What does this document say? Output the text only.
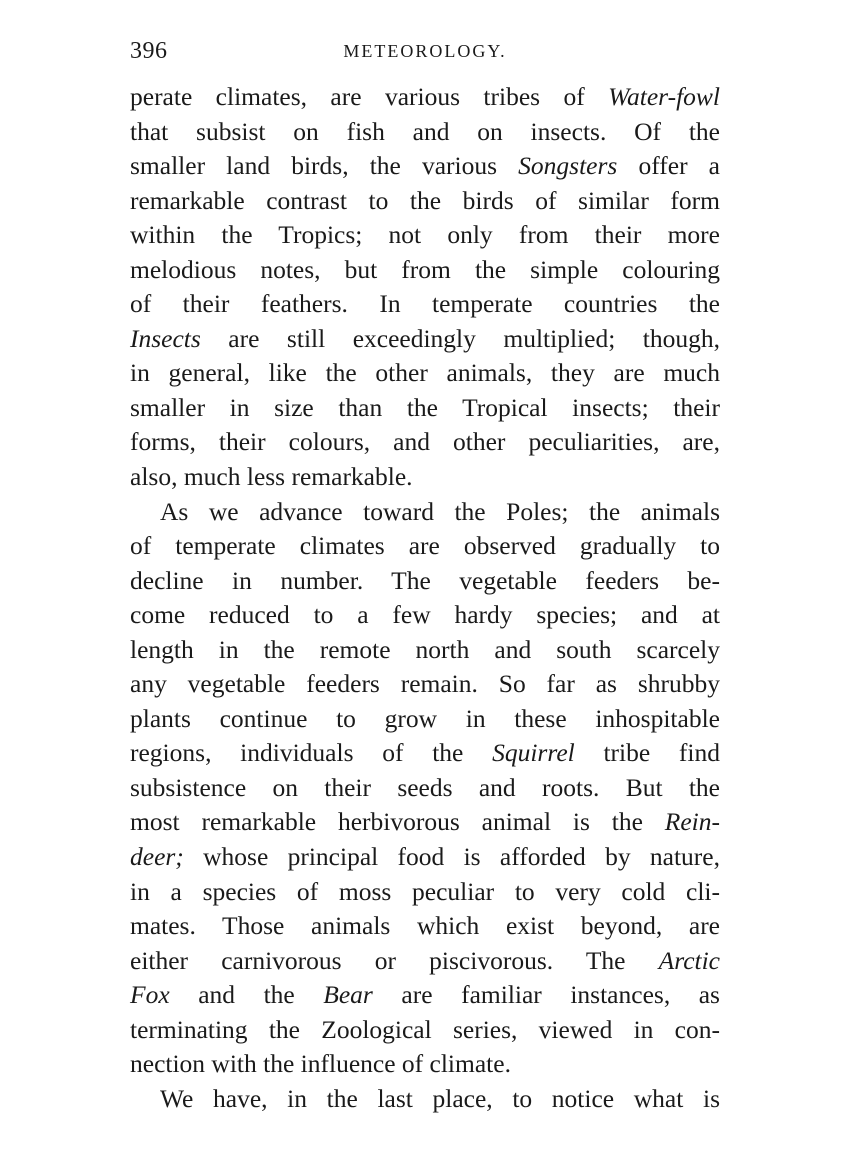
396	METEOROLOGY.
perate climates, are various tribes of Water-fowl
that subsist on fish and on insects. Of the
smaller land birds, the various Songsters offer a
remarkable contrast to the birds of similar form
within the Tropics; not only from their more
melodious notes, but from the simple colouring
of their feathers. In temperate countries the
Insects are still exceedingly multiplied; though,
in general, like the other animals, they are much
smaller in size than the Tropical insects; their
forms, their colours, and other peculiarities, are,
also, much less remarkable.
As we advance toward the Poles; the animals
of temperate climates are observed gradually to
decline in number. The vegetable feeders be-
come reduced to a few hardy species; and at
length in the remote north and south scarcely
any vegetable feeders remain. So far as shrubby
plants continue to grow in these inhospitable
regions, individuals of the Squirrel tribe find
subsistence on their seeds and roots. But the
most remarkable herbivorous animal is the Rein-
deer; whose principal food is afforded by nature,
in a species of moss peculiar to very cold cli-
mates. Those animals which exist beyond, are
either carnivorous or piscivorous. The Arctic
Fox and the Bear are familiar instances, as
terminating the Zoological series, viewed in con-
nection with the influence of climate.
We have, in the last place, to notice what is
